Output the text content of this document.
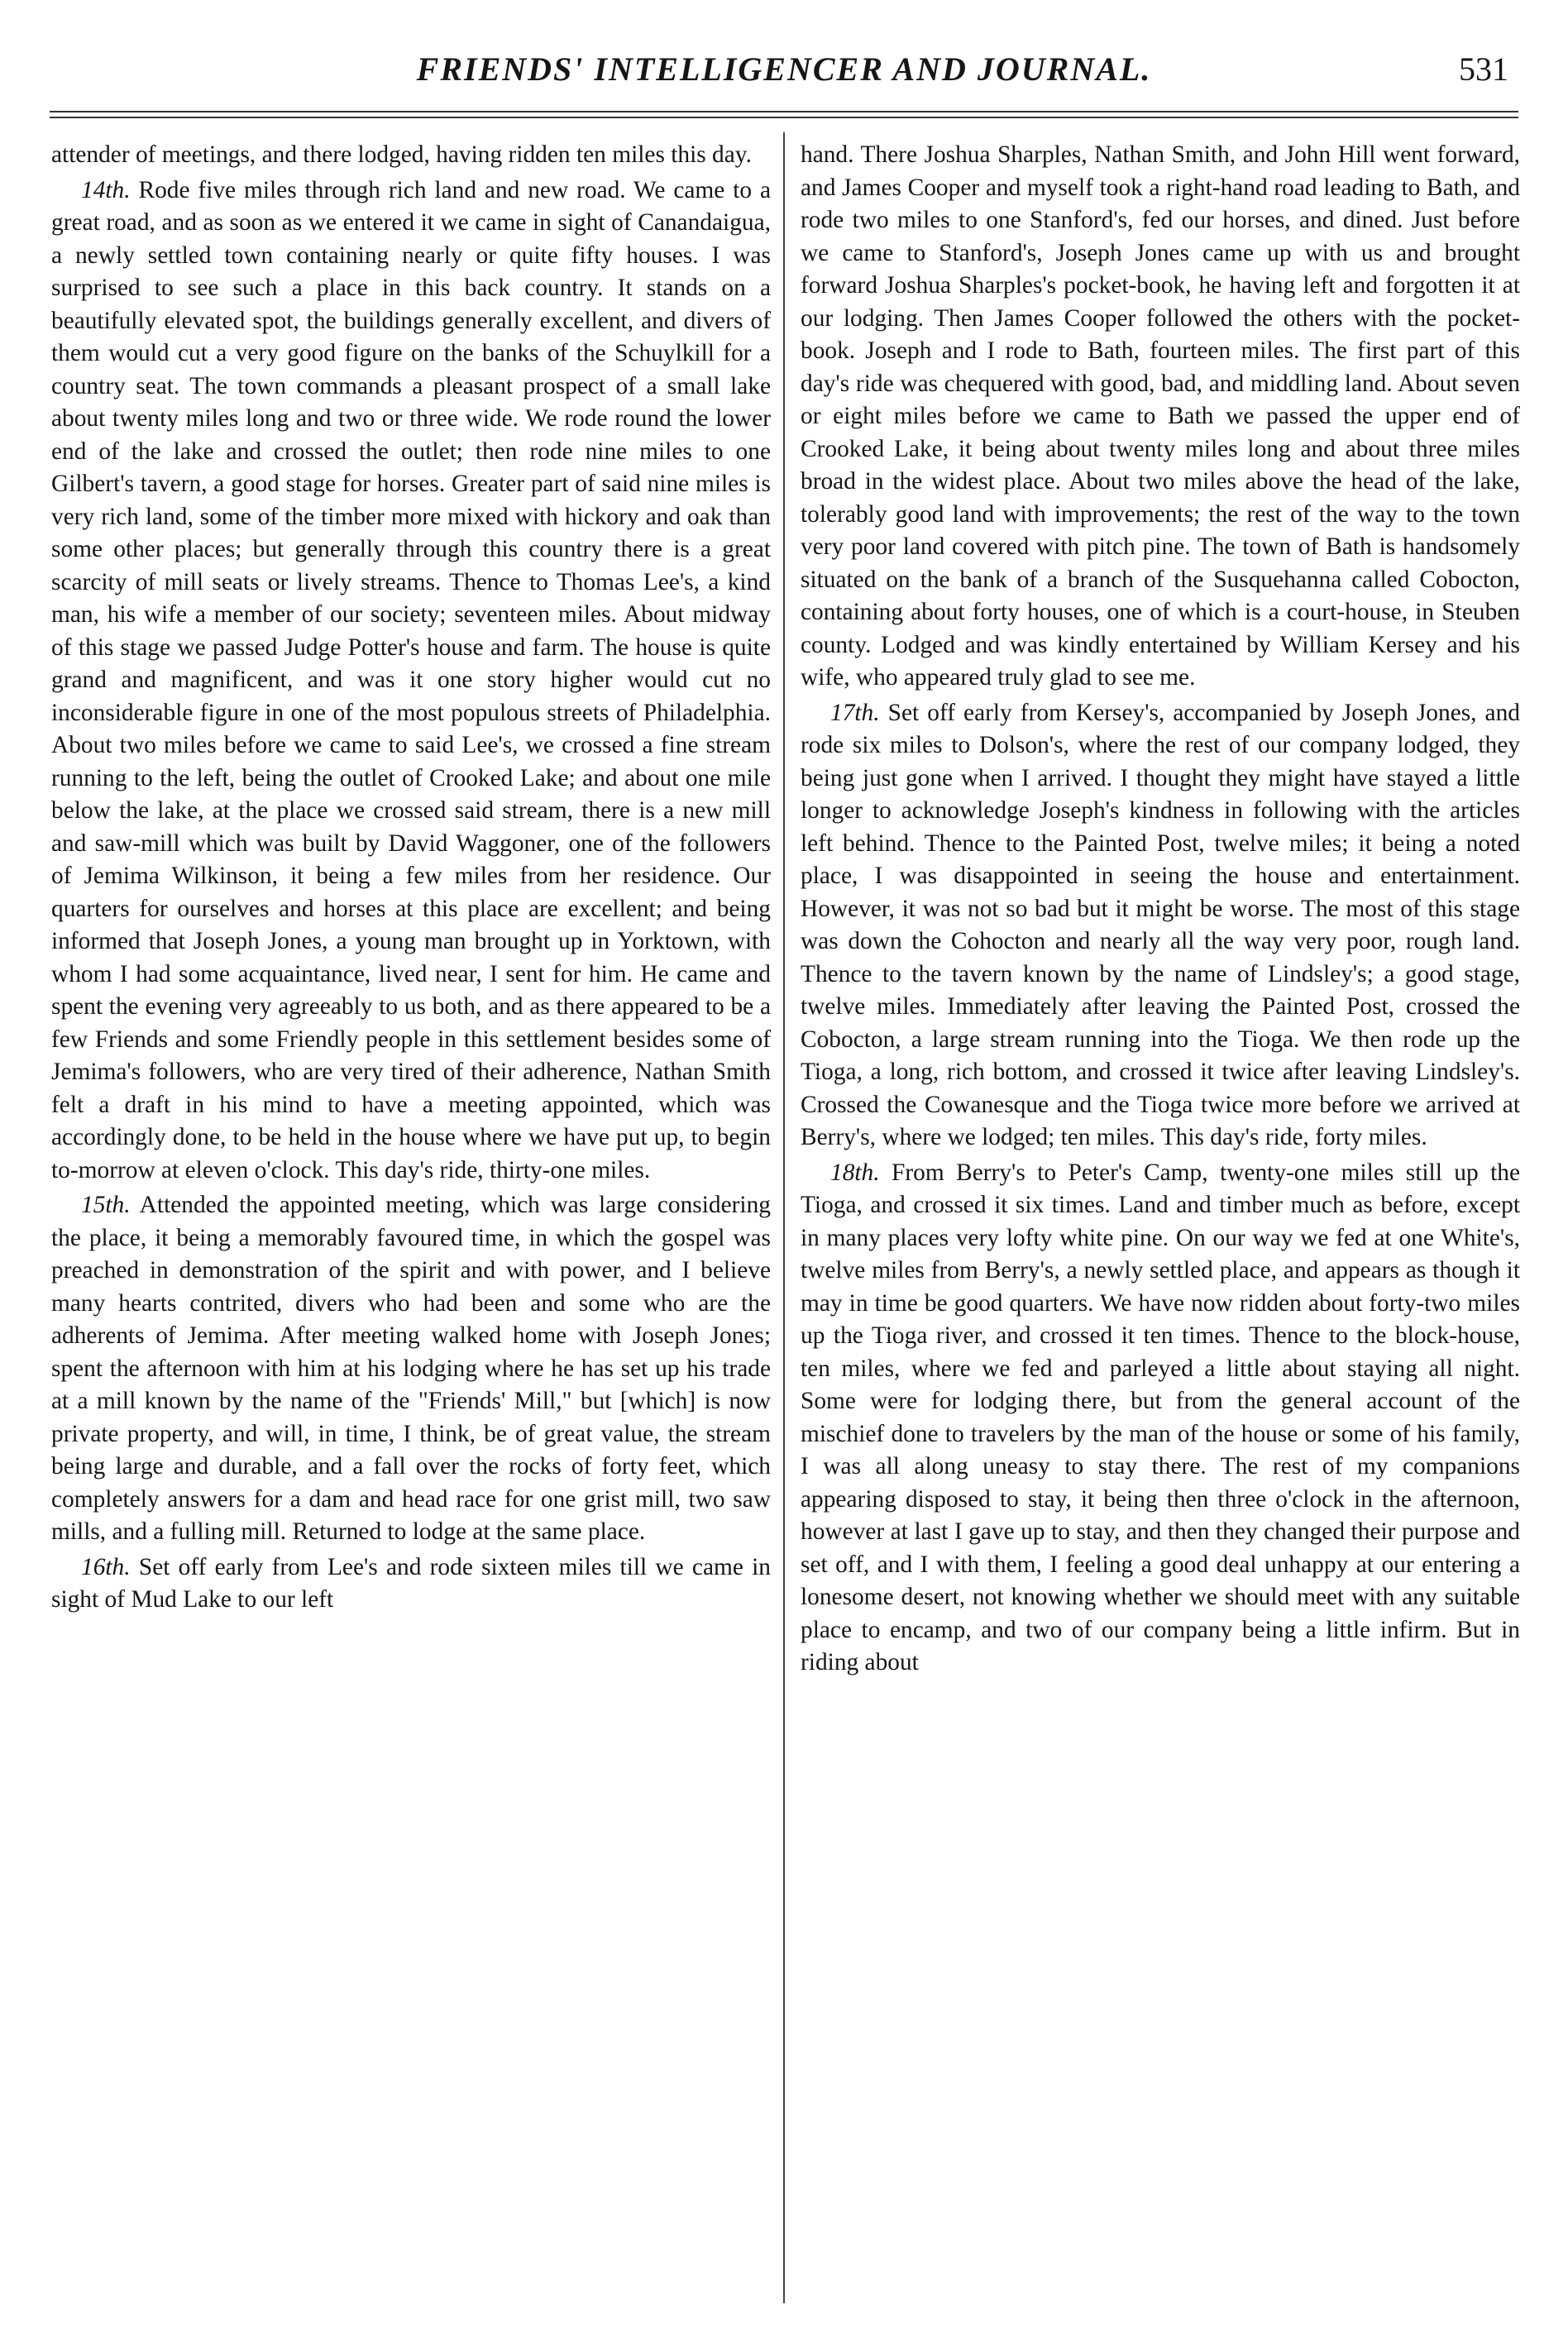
FRIENDS' INTELLIGENCER AND JOURNAL.	531

attender of meetings, and there lodged, having ridden ten miles this day.

14th. Rode five miles through rich land and new road. We came to a great road, and as soon as we entered it we came in sight of Canandaigua, a newly settled town containing nearly or quite fifty houses. I was surprised to see such a place in this back country. It stands on a beautifully elevated spot, the buildings generally excellent, and divers of them would cut a very good figure on the banks of the Schuylkill for a country seat. The town commands a pleasant prospect of a small lake about twenty miles long and two or three wide. We rode round the lower end of the lake and crossed the outlet; then rode nine miles to one Gilbert's tavern, a good stage for horses. Greater part of said nine miles is very rich land, some of the timber more mixed with hickory and oak than some other places; but generally through this country there is a great scarcity of mill seats or lively streams. Thence to Thomas Lee's, a kind man, his wife a member of our society; seventeen miles. About midway of this stage we passed Judge Potter's house and farm. The house is quite grand and magnificent, and was it one story higher would cut no inconsiderable figure in one of the most populous streets of Philadelphia. About two miles before we came to said Lee's, we crossed a fine stream running to the left, being the outlet of Crooked Lake; and about one mile below the lake, at the place we crossed said stream, there is a new mill and saw-mill which was built by David Waggoner, one of the followers of Jemima Wilkinson, it being a few miles from her residence. Our quarters for ourselves and horses at this place are excellent; and being informed that Joseph Jones, a young man brought up in Yorktown, with whom I had some acquaintance, lived near, I sent for him. He came and spent the evening very agreeably to us both, and as there appeared to be a few Friends and some Friendly people in this settlement besides some of Jemima's followers, who are very tired of their adherence, Nathan Smith felt a draft in his mind to have a meeting appointed, which was accordingly done, to be held in the house where we have put up, to begin to-morrow at eleven o'clock. This day's ride, thirty-one miles.

15th. Attended the appointed meeting, which was large considering the place, it being a memorably favoured time, in which the gospel was preached in demonstration of the spirit and with power, and I believe many hearts contrited, divers who had been and some who are the adherents of Jemima. After meeting walked home with Joseph Jones; spent the afternoon with him at his lodging where he has set up his trade at a mill known by the name of the "Friends' Mill," but [which] is now private property, and will, in time, I think, be of great value, the stream being large and durable, and a fall over the rocks of forty feet, which completely answers for a dam and head race for one grist mill, two saw mills, and a fulling mill. Returned to lodge at the same place.

16th. Set off early from Lee's and rode sixteen miles till we came in sight of Mud Lake to our left

hand. There Joshua Sharples, Nathan Smith, and John Hill went forward, and James Cooper and myself took a right-hand road leading to Bath, and rode two miles to one Stanford's, fed our horses, and dined. Just before we came to Stanford's, Joseph Jones came up with us and brought forward Joshua Sharples's pocket-book, he having left and forgotten it at our lodging. Then James Cooper followed the others with the pocket-book. Joseph and I rode to Bath, fourteen miles. The first part of this day's ride was chequered with good, bad, and middling land. About seven or eight miles before we came to Bath we passed the upper end of Crooked Lake, it being about twenty miles long and about three miles broad in the widest place. About two miles above the head of the lake, tolerably good land with improvements; the rest of the way to the town very poor land covered with pitch pine. The town of Bath is handsomely situated on the bank of a branch of the Susquehanna called Cobocton, containing about forty houses, one of which is a court-house, in Steuben county. Lodged and was kindly entertained by William Kersey and his wife, who appeared truly glad to see me.

17th. Set off early from Kersey's, accompanied by Joseph Jones, and rode six miles to Dolson's, where the rest of our company lodged, they being just gone when I arrived. I thought they might have stayed a little longer to acknowledge Joseph's kindness in following with the articles left behind. Thence to the Painted Post, twelve miles; it being a noted place, I was disappointed in seeing the house and entertainment. However, it was not so bad but it might be worse. The most of this stage was down the Cohocton and nearly all the way very poor, rough land. Thence to the tavern known by the name of Lindsley's; a good stage, twelve miles. Immediately after leaving the Painted Post, crossed the Cobocton, a large stream running into the Tioga. We then rode up the Tioga, a long, rich bottom, and crossed it twice after leaving Lindsley's. Crossed the Cowanesque and the Tioga twice more before we arrived at Berry's, where we lodged; ten miles. This day's ride, forty miles.

18th. From Berry's to Peter's Camp, twenty-one miles still up the Tioga, and crossed it six times. Land and timber much as before, except in many places very lofty white pine. On our way we fed at one White's, twelve miles from Berry's, a newly settled place, and appears as though it may in time be good quarters. We have now ridden about forty-two miles up the Tioga river, and crossed it ten times. Thence to the block-house, ten miles, where we fed and parleyed a little about staying all night. Some were for lodging there, but from the general account of the mischief done to travelers by the man of the house or some of his family, I was all along uneasy to stay there. The rest of my companions appearing disposed to stay, it being then three o'clock in the afternoon, however at last I gave up to stay, and then they changed their purpose and set off, and I with them, I feeling a good deal unhappy at our entering a lonesome desert, not knowing whether we should meet with any suitable place to encamp, and two of our company being a little infirm. But in riding about
